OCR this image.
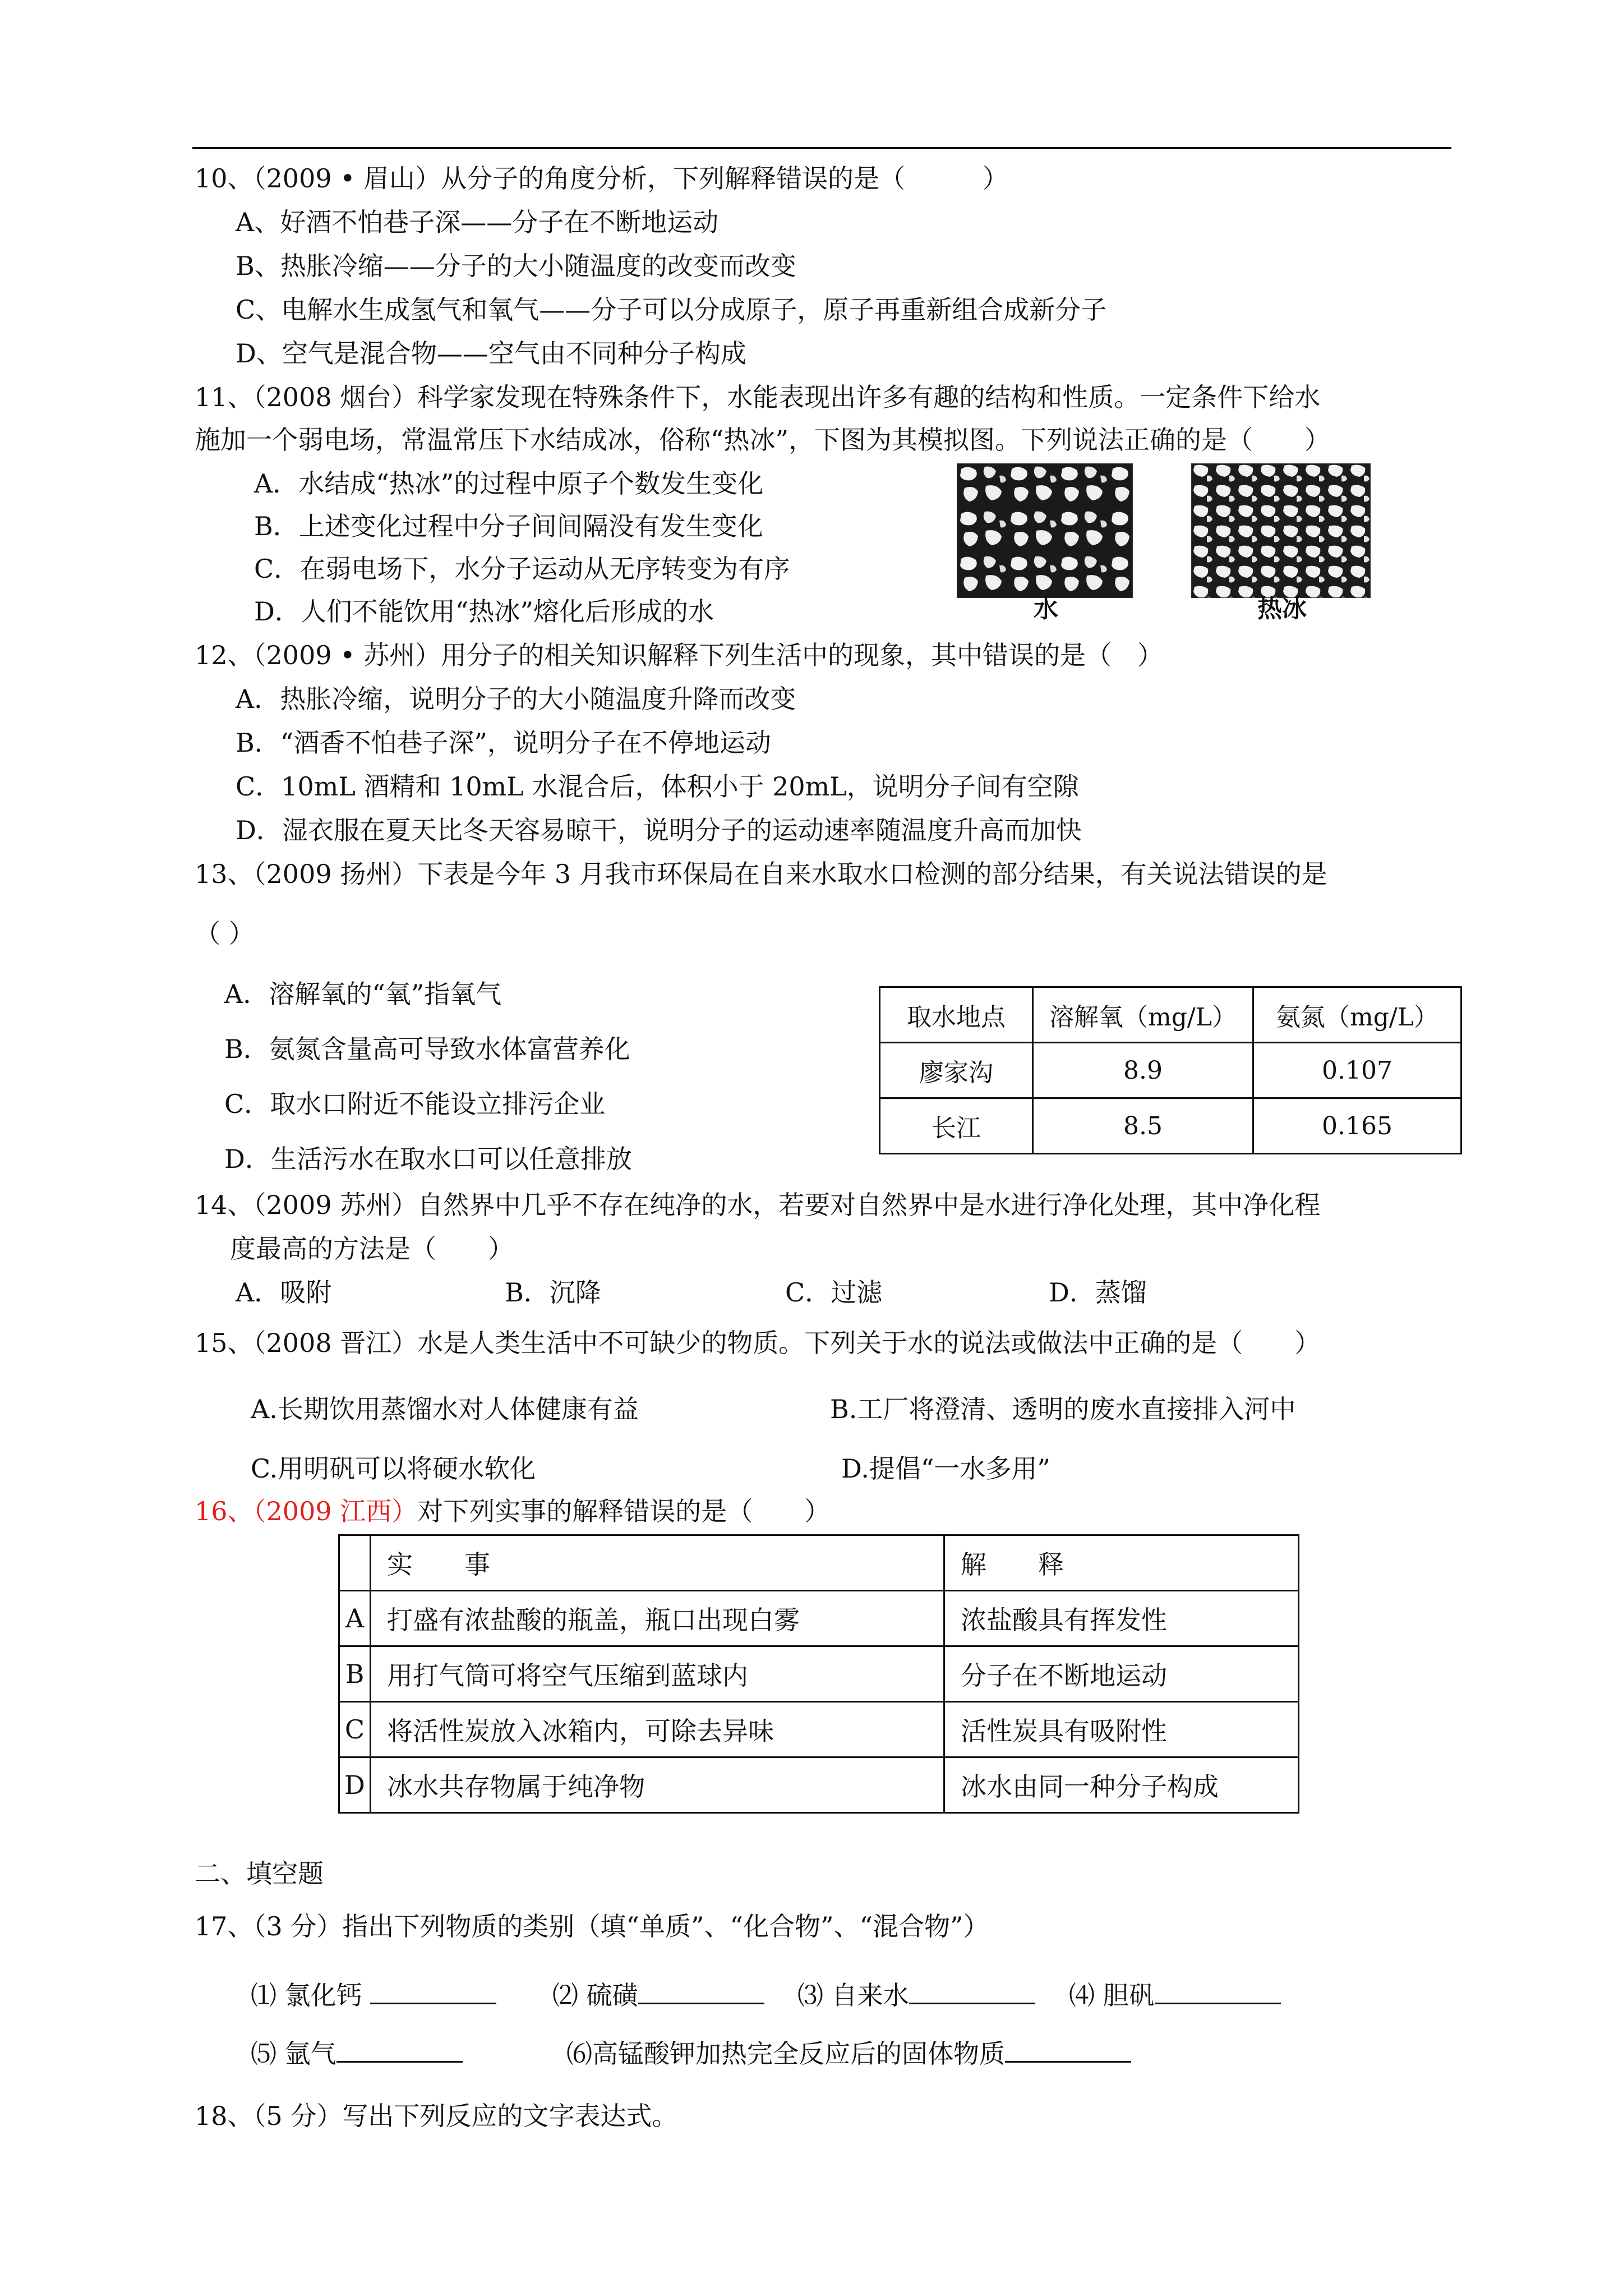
10、（2009 • 眉山）从分子的角度分析，下列解释错误的是（　　　）
A、好酒不怕巷子深——分子在不断地运动
B、热胀冷缩——分子的大小随温度的改变而改变
C、电解水生成氢气和氧气——分子可以分成原子，原子再重新组合成新分子
D、空气是混合物——空气由不同种分子构成
11、（2008 烟台）科学家发现在特殊条件下，水能表现出许多有趣的结构和性质。一定条件下给水
施加一个弱电场，常温常压下水结成冰，俗称“热冰”，下图为其模拟图。下列说法正确的是（　　）
A．水结成“热冰”的过程中原子个数发生变化
B．上述变化过程中分子间间隔没有发生变化
C．在弱电场下，水分子运动从无序转变为有序
D．人们不能饮用“热冰”熔化后形成的水	水	热冰
12、（2009 • 苏州）用分子的相关知识解释下列生活中的现象，其中错误的是（　）
A．热胀冷缩，说明分子的大小随温度升降而改变
B．“酒香不怕巷子深”，说明分子在不停地运动
C．10mL 酒精和 10mL 水混合后，体积小于 20mL，说明分子间有空隙
D．湿衣服在夏天比冬天容易晾干，说明分子的运动速率随温度升高而加快
13、（2009 扬州）下表是今年 3 月我市环保局在自来水取水口检测的部分结果，有关说法错误的是
（ ）
A．溶解氧的“氧”指氧气
B．氨氮含量高可导致水体富营养化
C．取水口附近不能设立排污企业
D．生活污水在取水口可以任意排放
取水地点	溶解氧（mg/L）	氨氮（mg/L）
廖家沟	8.9	0.107
长江	8.5	0.165
14、（2009 苏州）自然界中几乎不存在纯净的水，若要对自然界中是水进行净化处理，其中净化程
度最高的方法是（　　）
A．吸附	B．沉降	C．过滤	D．蒸馏
15、（2008 晋江）水是人类生活中不可缺少的物质。下列关于水的说法或做法中正确的是（　　）
A.长期饮用蒸馏水对人体健康有益	B.工厂将澄清、透明的废水直接排入河中
C.用明矾可以将硬水软化	D.提倡“一水多用”
16、（2009 江西）对下列实事的解释错误的是（　　）
	实　　事	解　　释
A	打盛有浓盐酸的瓶盖，瓶口出现白雾	浓盐酸具有挥发性
B	用打气筒可将空气压缩到蓝球内	分子在不断地运动
C	将活性炭放入冰箱内，可除去异味	活性炭具有吸附性
D	冰水共存物属于纯净物	冰水由同一种分子构成
二、填空题
17、（3 分）指出下列物质的类别（填“单质”、“化合物”、“混合物”）
⑴ 氯化钙	⑵ 硫磺	⑶ 自来水	⑷ 胆矾
⑸ 氩气	⑹高锰酸钾加热完全反应后的固体物质
18、（5 分）写出下列反应的文字表达式。
